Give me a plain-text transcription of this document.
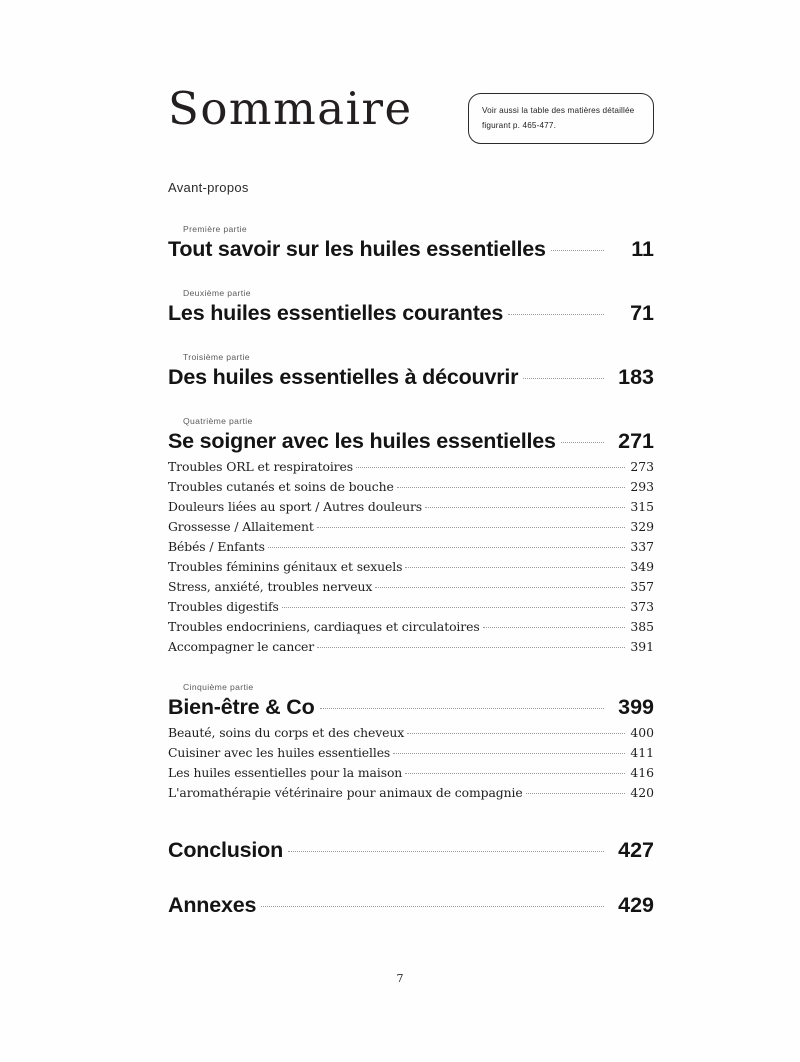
Sommaire	Voir aussi la table des matières détaillée
figurant p. 465-477.
Avant-propos
Première partie
Tout savoir sur les huiles essentielles	11
Deuxième partie
Les huiles essentielles courantes	71
Troisième partie
Des huiles essentielles à découvrir	183
Quatrième partie
Se soigner avec les huiles essentielles	271
Troubles ORL et respiratoires	273
Troubles cutanés et soins de bouche	293
Douleurs liées au sport / Autres douleurs	315
Grossesse / Allaitement	329
Bébés / Enfants	337
Troubles féminins génitaux et sexuels	349
Stress, anxiété, troubles nerveux	357
Troubles digestifs	373
Troubles endocriniens, cardiaques et circulatoires	385
Accompagner le cancer	391
Cinquième partie
Bien-être & Co	399
Beauté, soins du corps et des cheveux	400
Cuisiner avec les huiles essentielles	411
Les huiles essentielles pour la maison	416
L'aromathérapie vétérinaire pour animaux de compagnie	420
Conclusion	427
Annexes	429
7
